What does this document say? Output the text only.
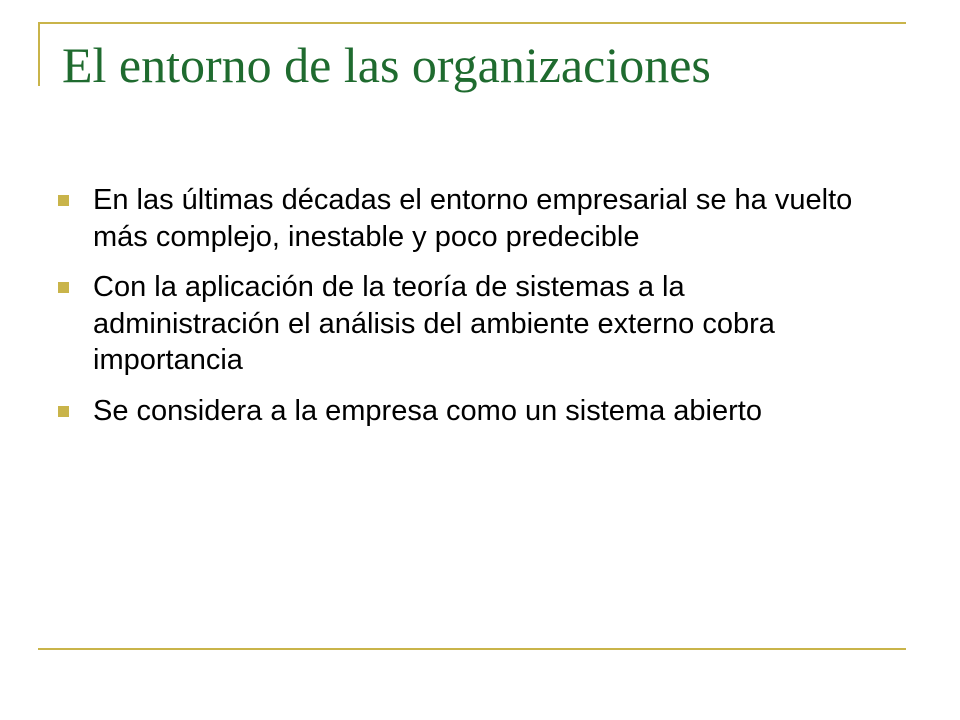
El entorno de las organizaciones
En las últimas décadas el entorno empresarial se ha vuelto más complejo, inestable y poco predecible
Con la aplicación de la teoría de sistemas a la administración el análisis del ambiente externo cobra importancia
Se considera a la empresa como un sistema abierto
